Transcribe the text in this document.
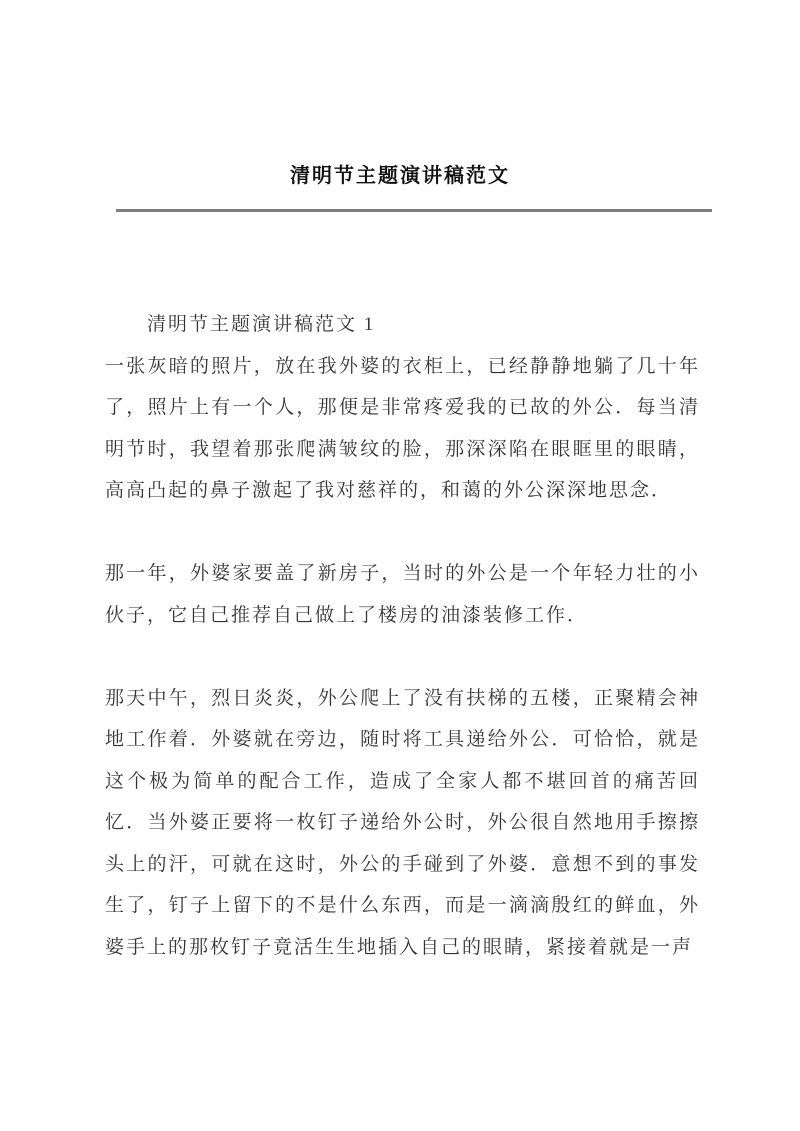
清明节主题演讲稿范文

清明节主题演讲稿范文 1

一张灰暗的照片，放在我外婆的衣柜上，已经静静地躺了几十年了，照片上有一个人，那便是非常疼爱我的已故的外公．每当清明节时，我望着那张爬满皱纹的脸，那深深陷在眼眶里的眼睛，高高凸起的鼻子激起了我对慈祥的，和蔼的外公深深地思念．

那一年，外婆家要盖了新房子，当时的外公是一个年轻力壮的小伙子，它自己推荐自己做上了楼房的油漆装修工作．

那天中午，烈日炎炎，外公爬上了没有扶梯的五楼，正聚精会神地工作着．外婆就在旁边，随时将工具递给外公．可恰恰，就是这个极为简单的配合工作，造成了全家人都不堪回首的痛苦回忆．当外婆正要将一枚钉子递给外公时，外公很自然地用手擦擦头上的汗，可就在这时，外公的手碰到了外婆．意想不到的事发生了，钉子上留下的不是什么东西，而是一滴滴殷红的鲜血，外婆手上的那枚钉子竟活生生地插入自己的眼睛，紧接着就是一声
